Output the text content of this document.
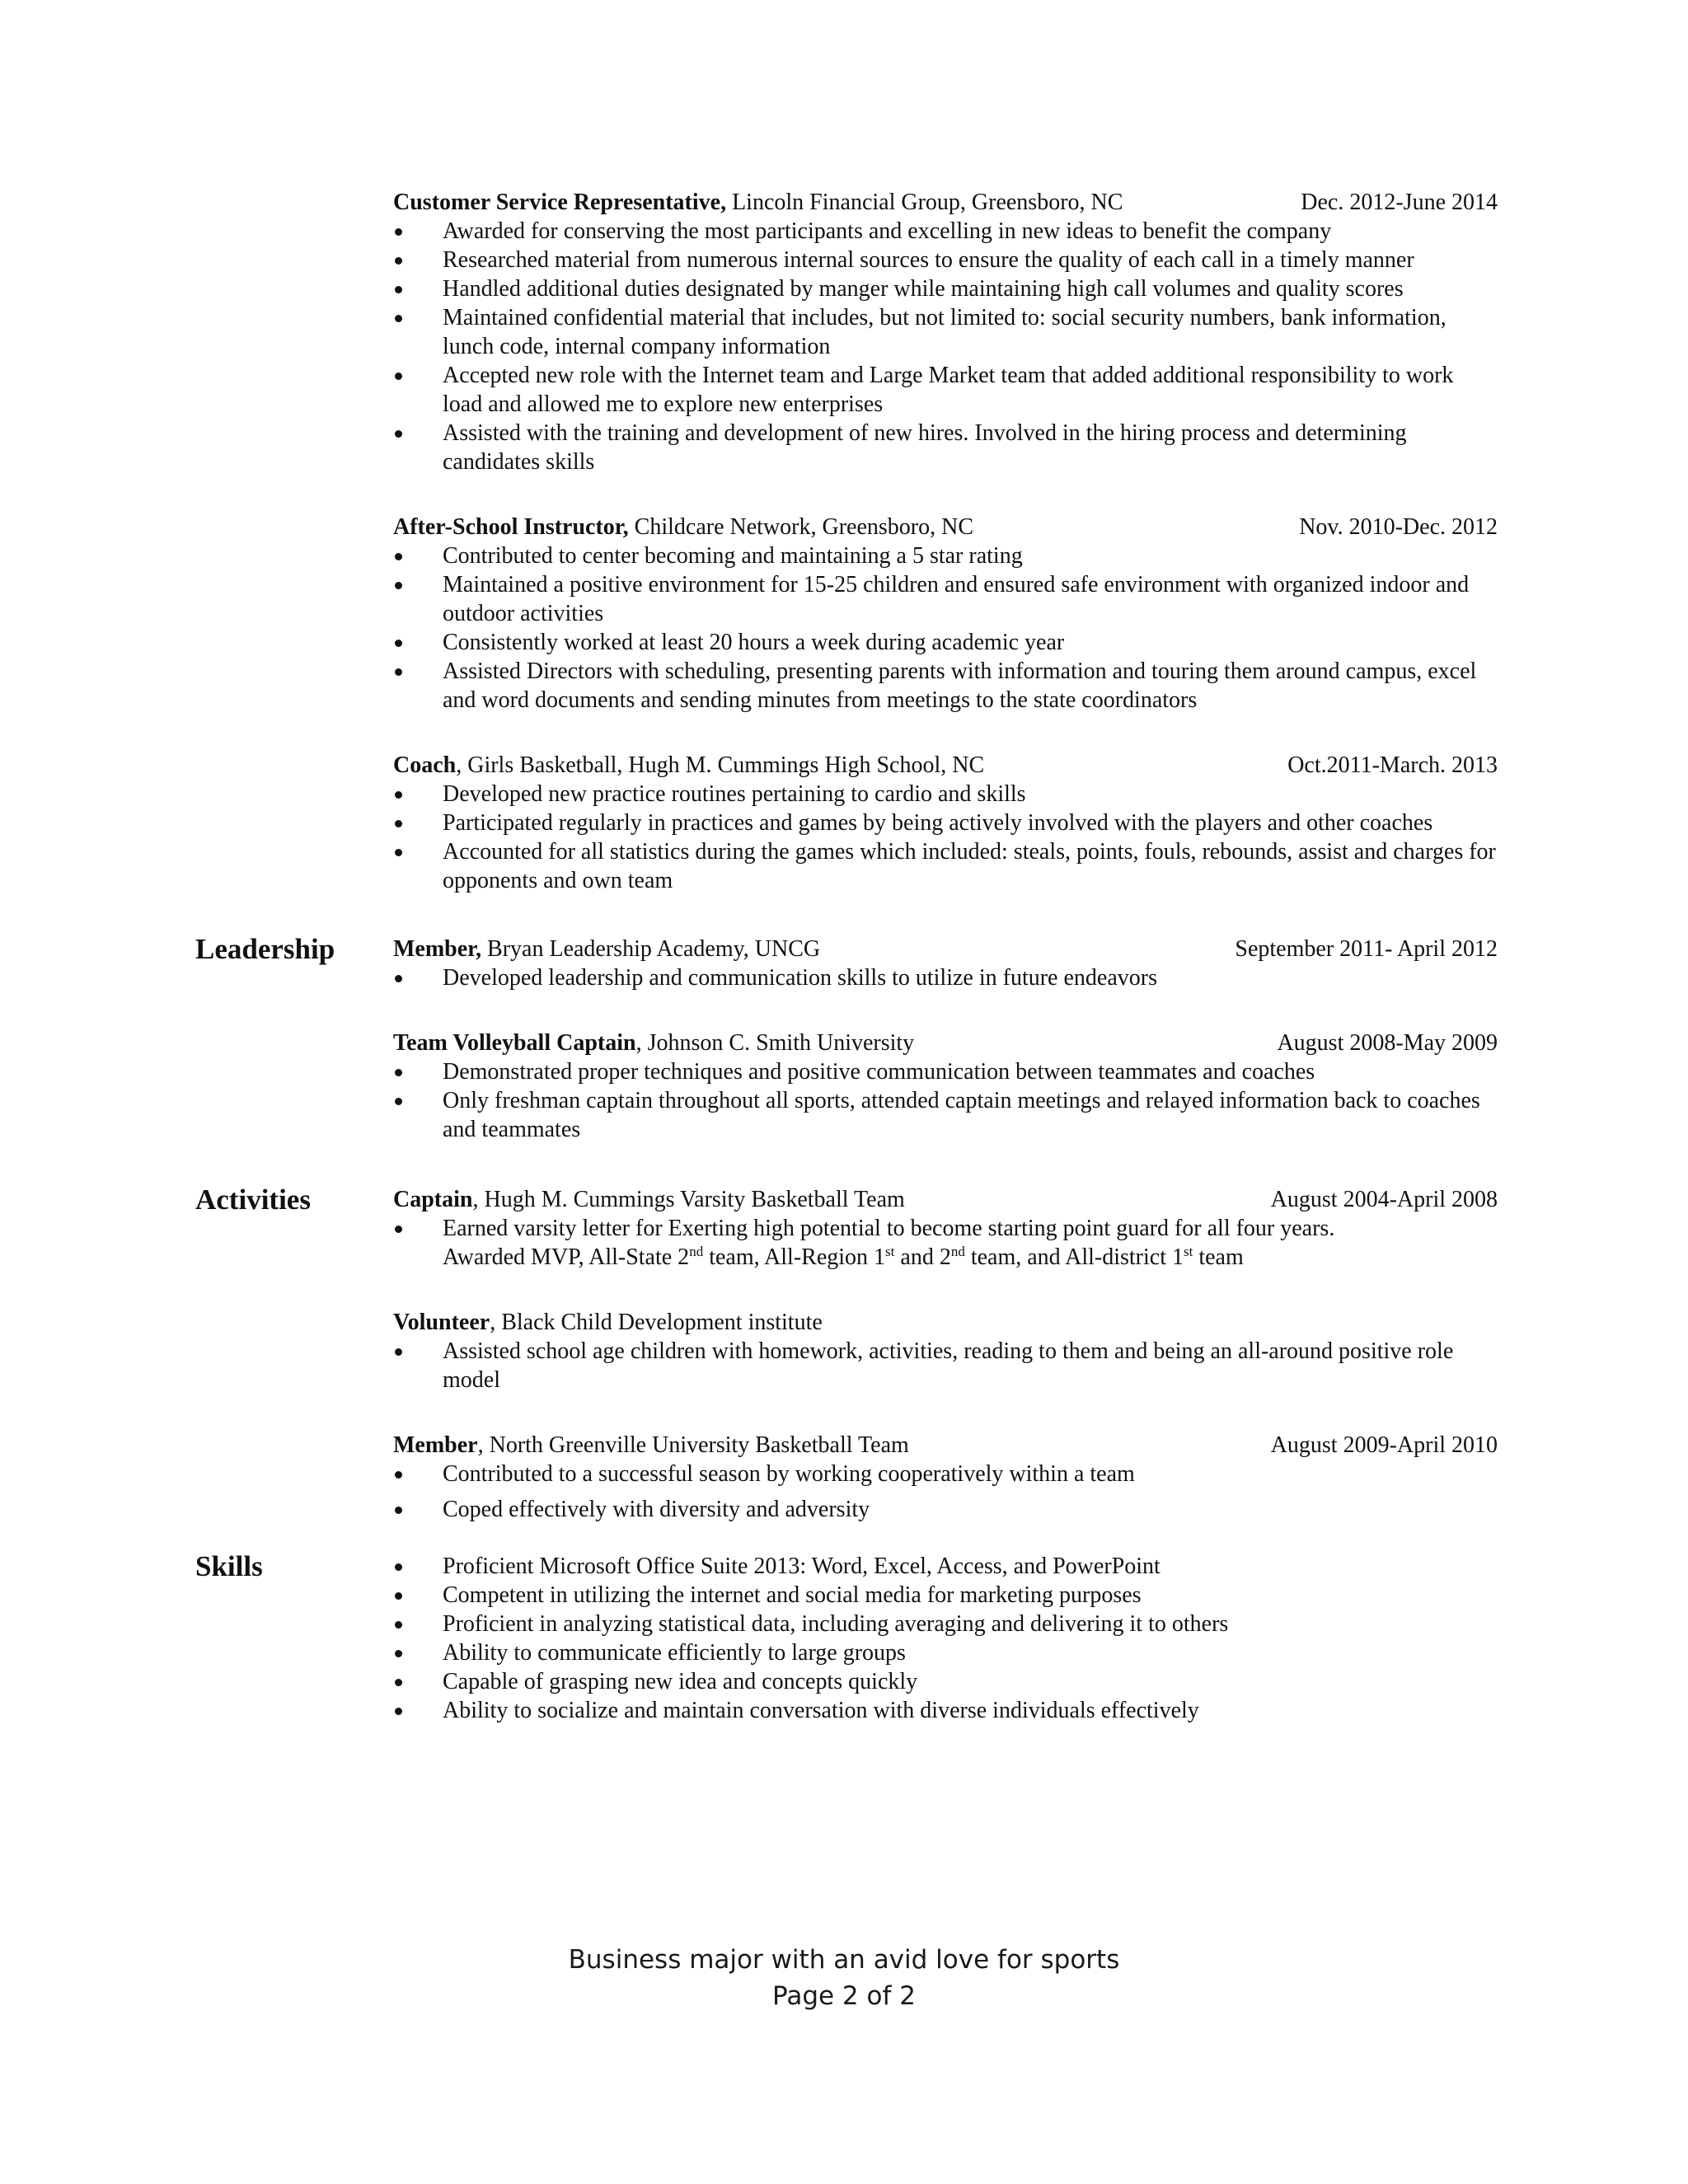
Customer Service Representative, Lincoln Financial Group, Greensboro, NC	Dec. 2012-June 2014
Awarded for conserving the most participants and excelling in new ideas to benefit the company
Researched material from numerous internal sources to ensure the quality of each call in a timely manner
Handled additional duties designated by manger while maintaining high call volumes and quality scores
Maintained confidential material that includes, but not limited to: social security numbers, bank information, lunch code, internal company information
Accepted new role with the Internet team and Large Market team that added additional responsibility to work load and allowed me to explore new enterprises
Assisted with the training and development of new hires. Involved in the hiring process and determining candidates skills
After-School Instructor, Childcare Network, Greensboro, NC	Nov. 2010-Dec. 2012
Contributed to center becoming and maintaining a 5 star rating
Maintained a positive environment for 15-25 children and ensured safe environment with organized indoor and outdoor activities
Consistently worked at least 20 hours a week during academic year
Assisted Directors with scheduling, presenting parents with information and touring them around campus, excel and word documents and sending minutes from meetings to the state coordinators
Coach, Girls Basketball, Hugh M. Cummings High School, NC	Oct.2011-March. 2013
Developed new practice routines pertaining to cardio and skills
Participated regularly in practices and games by being actively involved with the players and other coaches
Accounted for all statistics during the games which included: steals, points, fouls, rebounds, assist and charges for opponents and own team
Leadership	Member, Bryan Leadership Academy, UNCG	September 2011- April 2012
Developed leadership and communication skills to utilize in future endeavors
Team Volleyball Captain, Johnson C. Smith University	August 2008-May 2009
Demonstrated proper techniques and positive communication between teammates and coaches
Only freshman captain throughout all sports, attended captain meetings and relayed information back to coaches and teammates
Activities	Captain, Hugh M. Cummings Varsity Basketball Team	August 2004-April 2008
Earned varsity letter for Exerting high potential to become starting point guard for all four years.
Awarded MVP, All-State 2nd team, All-Region 1st and 2nd team, and All-district 1st team
Volunteer, Black Child Development institute
Assisted school age children with homework, activities, reading to them and being an all-around positive role model
Member, North Greenville University Basketball Team	August 2009-April 2010
Contributed to a successful season by working cooperatively within a team
Coped effectively with diversity and adversity
Skills	Proficient Microsoft Office Suite 2013: Word, Excel, Access, and PowerPoint
Competent in utilizing the internet and social media for marketing purposes
Proficient in analyzing statistical data, including averaging and delivering it to others
Ability to communicate efficiently to large groups
Capable of grasping new idea and concepts quickly
Ability to socialize and maintain conversation with diverse individuals effectively
Business major with an avid love for sports
Page 2 of 2
